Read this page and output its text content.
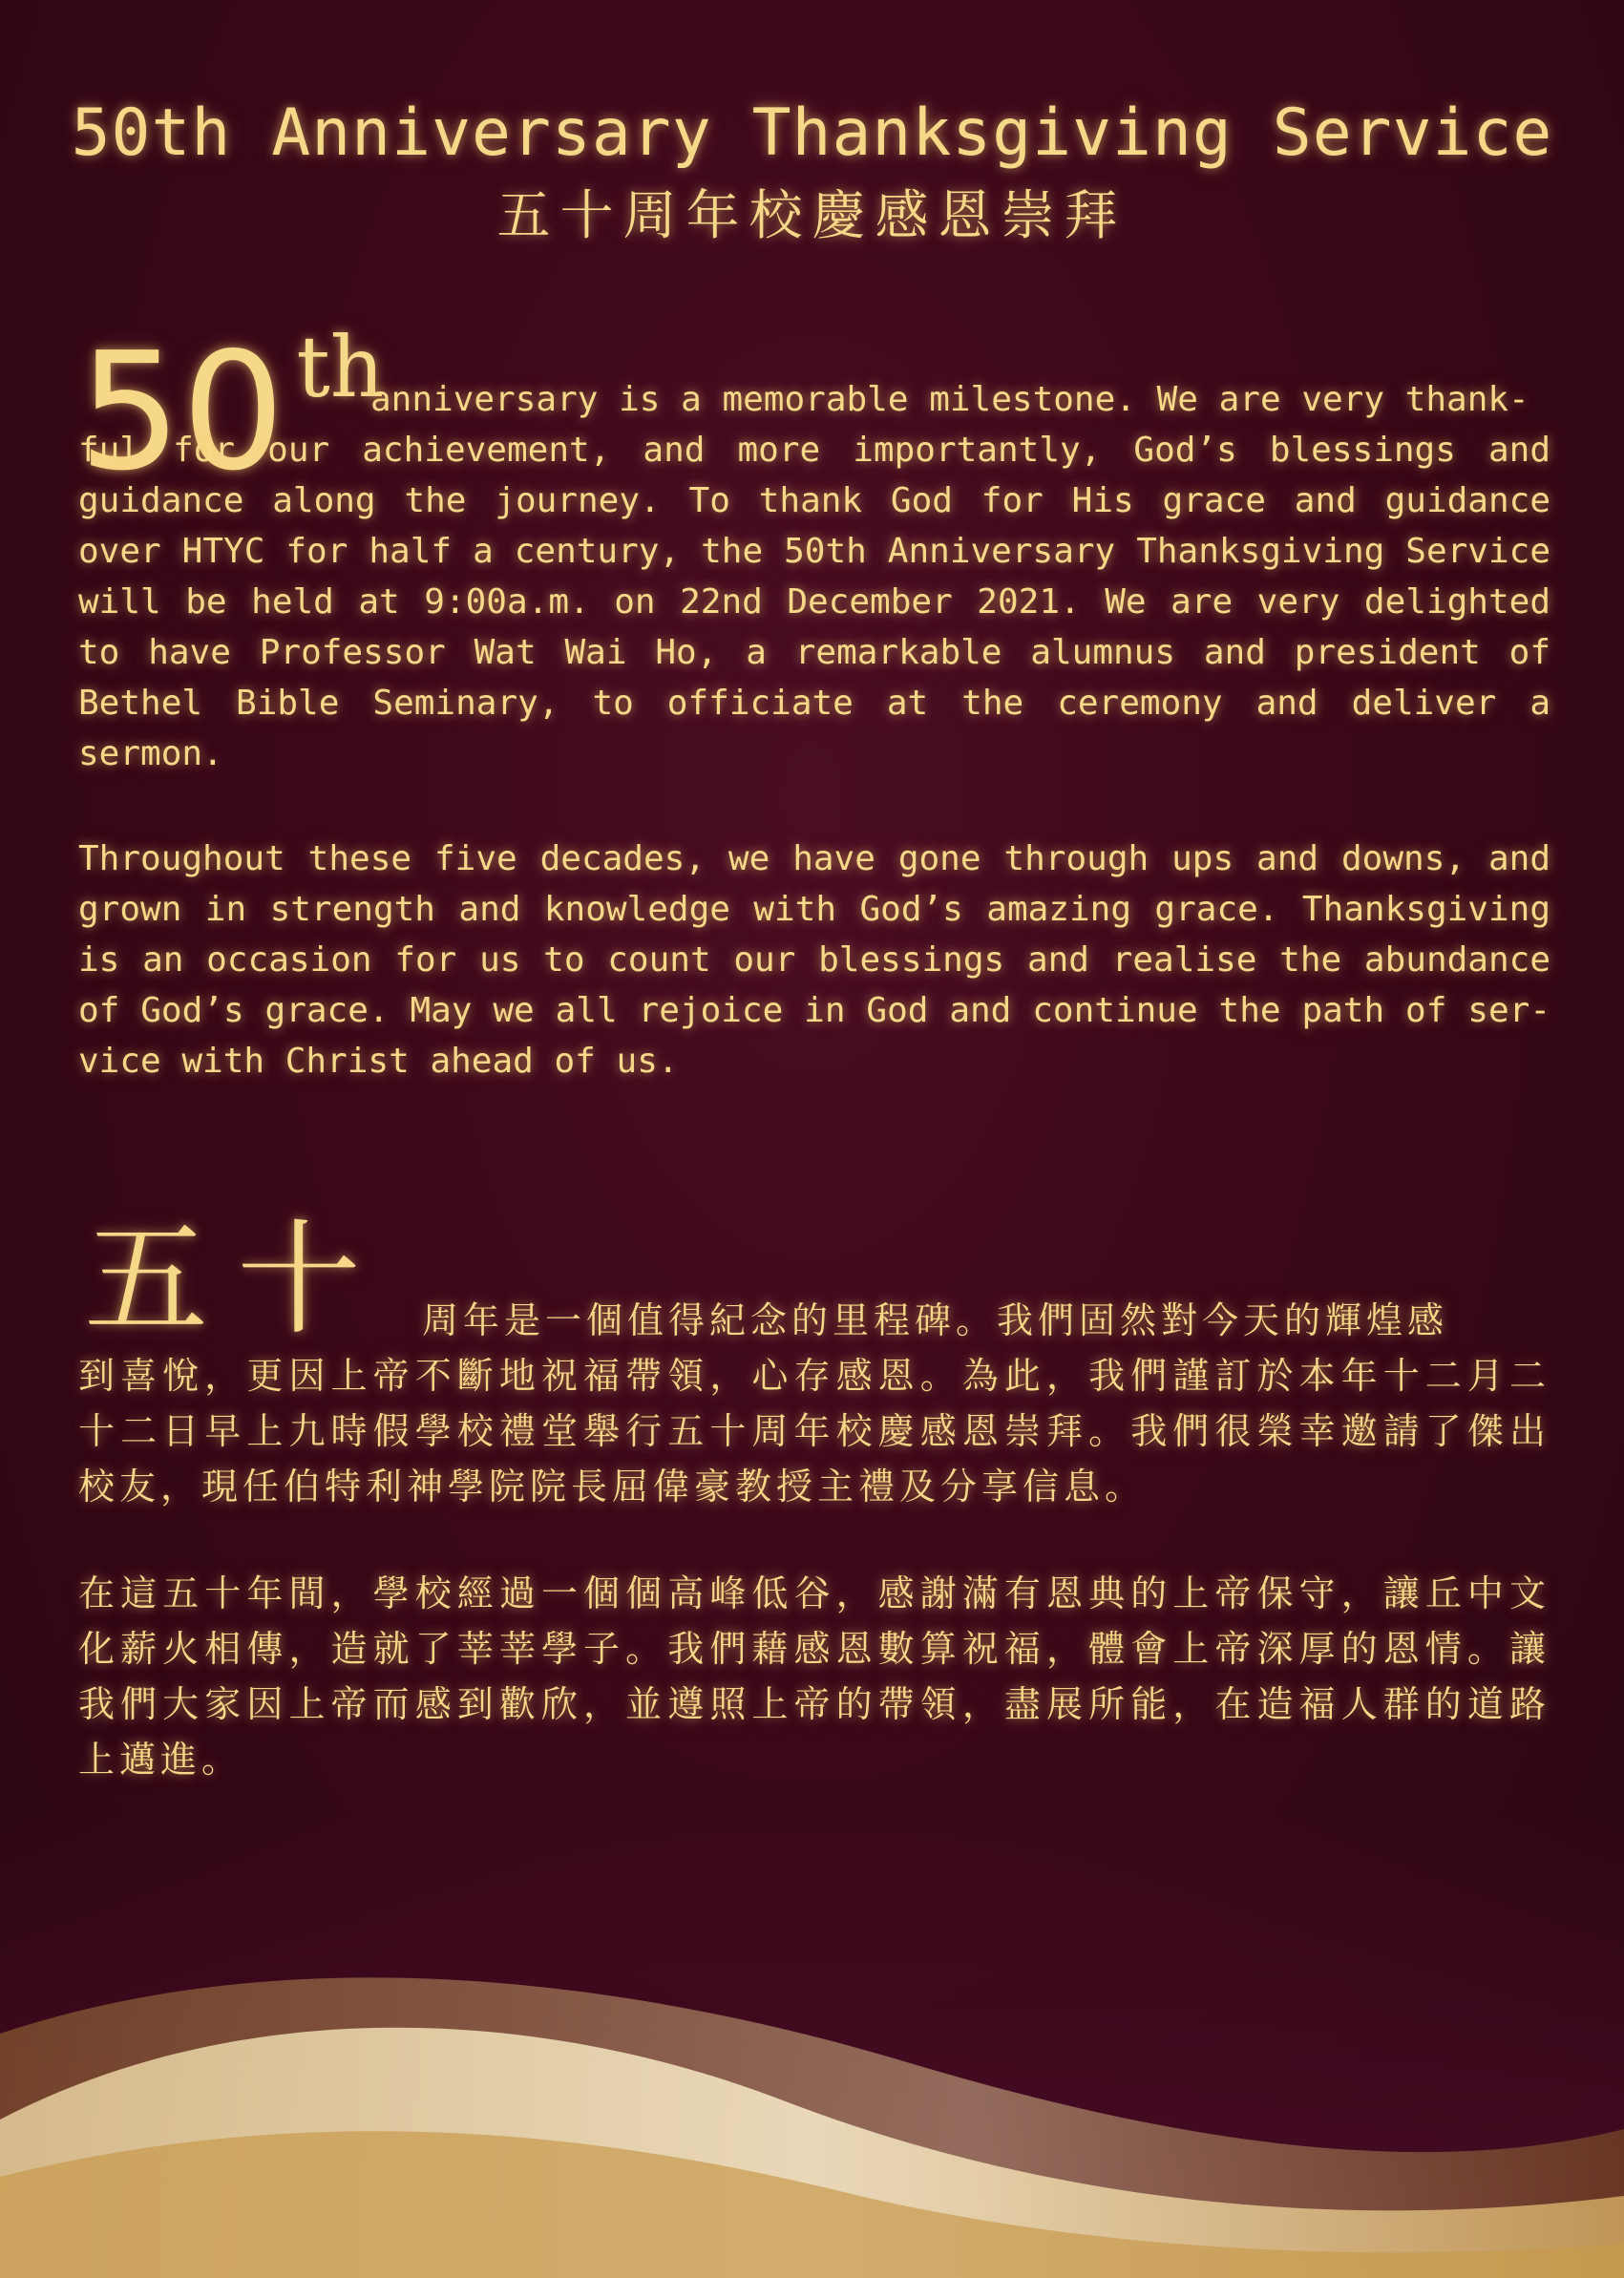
50th Anniversary Thanksgiving Service
五十周年校慶感恩崇拜
50 $^{th}$

anniversary is a memorable milestone. We are very thank-
ful for our achievement, and more importantly, God’s blessings and guidance along the journey. To thank God for His grace and guidance over HTYC for half a century, the 50th Anniversary Thanksgiving Service will be held at 9:00a.m. on 22nd December 2021. We are very delighted to have Professor Wat Wai Ho, a remarkable alumnus and president of Bethel Bible Seminary, to officiate at the ceremony and deliver a sermon.

Throughout these five decades, we have gone through ups and downs, and grown in strength and knowledge with God’s amazing grace. Thanksgiving is an occasion for us to count our blessings and realise the abundance of God’s grace. May we all rejoice in God and continue the path of ser-vice with Christ ahead of us.

五十 周年是一個值得紀念的里程碑。我們固然對今天的輝煌感
到喜悅，更因上帝不斷地祝福帶領，心存感恩。為此，我們謹訂於本年十二月二十二日早上九時假學校禮堂舉行五十周年校慶感恩崇拜。我們很榮幸邀請了傑出校友，現任伯特利神學院院長屈偉豪教授主禮及分享信息。

在這五十年間，學校經過一個個高峰低谷，感謝滿有恩典的上帝保守，讓丘中文化薪火相傳，造就了莘莘學子。我們藉感恩數算祝福，體會上帝深厚的恩情。讓我們大家因上帝而感到歡欣，並遵照上帝的帶領，盡展所能，在造福人群的道路上邁進。
